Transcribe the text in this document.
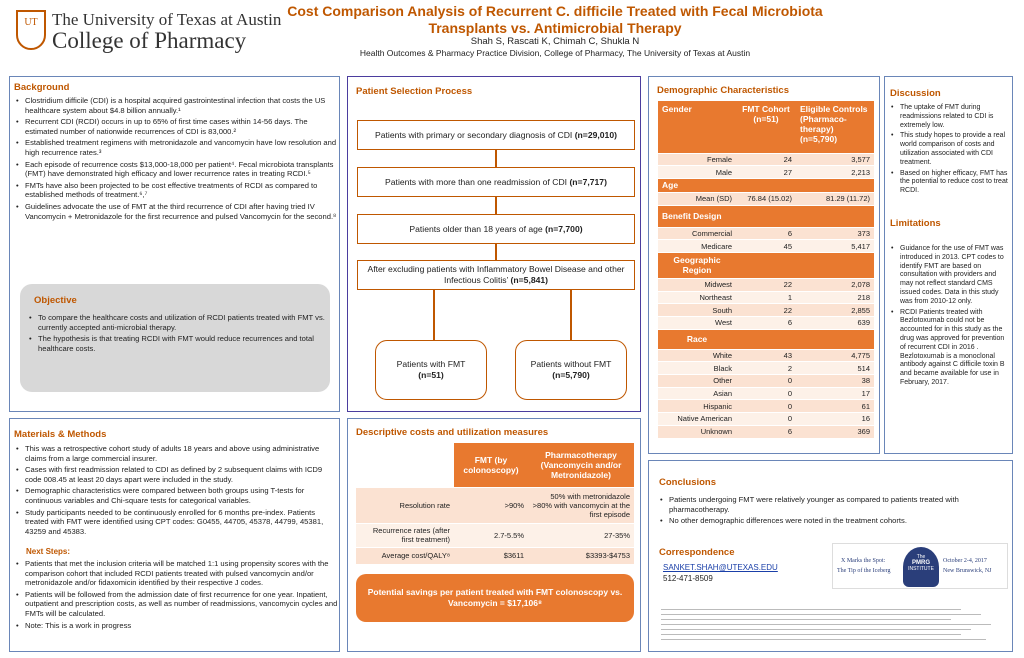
UT The University of Texas at Austin
College of Pharmacy
Cost Comparison Analysis of Recurrent C. difficile Treated with Fecal Microbiota Transplants vs. Antimicrobial Therapy
Shah S, Rascati K, Chimah C, Shukla N
Health Outcomes & Pharmacy Practice Division, College of Pharmacy, The University of Texas at Austin
Background
• Clostridium difficile (CDI) is a hospital acquired gastrointestinal infection that costs the US healthcare system about $4.8 billion annually.¹
• Recurrent CDI (RCDI) occurs in up to 65% of first time cases within 14-56 days. The estimated number of nationwide recurrences of CDI is 83,000.²
• Established treatment regimens with metronidazole and vancomycin have low resolution and high recurrence rates.³
• Each episode of recurrence costs $13,000-18,000 per patient⁴. Fecal microbiota transplants (FMT) have demonstrated high efficacy and lower recurrence rates in treating RCDI.⁵
• FMTs have also been projected to be cost effective treatments of RCDI as compared to established methods of treatment.⁶,⁷
• Guidelines advocate the use of FMT at the third recurrence of CDI after having tried IV Vancomycin + Metronidazole for the first recurrence and pulsed Vancomycin for the second.⁸
Objective
• To compare the healthcare costs and utilization of RCDI patients treated with FMT vs. currently accepted anti-microbial therapy.
• The hypothesis is that treating RCDI with FMT would reduce recurrences and total healthcare costs.
Materials & Methods
• This was a retrospective cohort study of adults 18 years and above using administrative claims from a large commercial insurer.
• Cases with first readmission related to CDI as defined by 2 subsequent claims with ICD9 code 008.45 at least 20 days apart were included in the study.
• Demographic characteristics were compared between both groups using T-tests for continuous variables and Chi-square tests for categorical variables.
• Study participants needed to be continuously enrolled for 6 months pre-index. Patients treated with FMT were identified using CPT codes: G0455, 44705, 45378, 44799, 45381, 43259 and 45383.
Next Steps:
• Patients that met the inclusion criteria will be matched 1:1 using propensity scores with the comparison cohort that included RCDI patients treated with pulsed vancomycin and/or metronidazole and/or fidaxomicin identified by their respective J codes.
• Patients will be followed from the admission date of first recurrence for one year. Inpatient, outpatient and prescription costs, as well as number of readmissions, vancomycin cycles and FMTs will be calculated.
• Note: This is a work in progress
Patient Selection Process
Patients with primary or secondary diagnosis of CDI (n=29,010)
Patients with more than one readmission of CDI (n=7,717)
Patients older than 18 years of age (n=7,700)
After excluding patients with Inflammatory Bowel Disease and other Infectious Colitis’ (n=5,841)
Patients with FMT
(n=51)
Patients without FMT
(n=5,790)
Descriptive costs and utilization measures
	FMT (by colonoscopy)	Pharmacotherapy (Vancomycin and/or Metronidazole)
Resolution rate	>90%	50% with metronidazole >80% with vancomycin at the first episode
Recurrence rates (after first treatment)	2.7-5.5%	27-35%
Average cost/QALY⁸	$3611	$3393-$4753
Potential savings per patient treated with FMT colonoscopy vs. Vancomycin = $17,106⁸
Demographic Characteristics
Gender	FMT Cohort (n=51)	Eligible Controls (Pharmaco-therapy) (n=5,790)
Female	24	3,577
Male	27	2,213
Age		
Mean (SD)	76.84 (15.02)	81.29 (11.72)
Benefit Design		
Commercial	6	373
Medicare	45	5,417
Geographic Region		
Midwest	22	2,078
Northeast	1	218
South	22	2,855
West	6	639
Race		
White	43	4,775
Black	2	514
Other	0	38
Asian	0	17
Hispanic	0	61
Native American	0	16
Unknown	6	369
Discussion
• The uptake of FMT during readmissions related to CDI is extremely low.
• This study hopes to provide a real world comparison of costs and utilization associated with CDI treatment.
• Based on higher efficacy, FMT has the potential to reduce cost to treat RCDI.
Limitations
• Guidance for the use of FMT was introduced in 2013. CPT codes to identify FMT are based on consultation with providers and may not reflect standard CMS issued codes. Data in this study was from 2010-12 only.
• RCDI Patients treated with Bezlotoxumab could not be accounted for in this study as the drug was approved for prevention of recurrent CDI in 2016 . Bezlotoxumab is a monoclonal antibody against C difficile toxin B and became available for use in February, 2017.
Conclusions
• Patients undergoing FMT were relatively younger as compared to patients treated with pharmacotherapy.
• No other demographic differences were noted in the treatment cohorts.
Correspondence
SANKET.SHAH@UTEXAS.EDU
512-471-8509
X Marks the Spot:
The Tip of the Iceberg
The
PMRG
INSTITUTE
October 2-4, 2017
New Brunswick, NJ
